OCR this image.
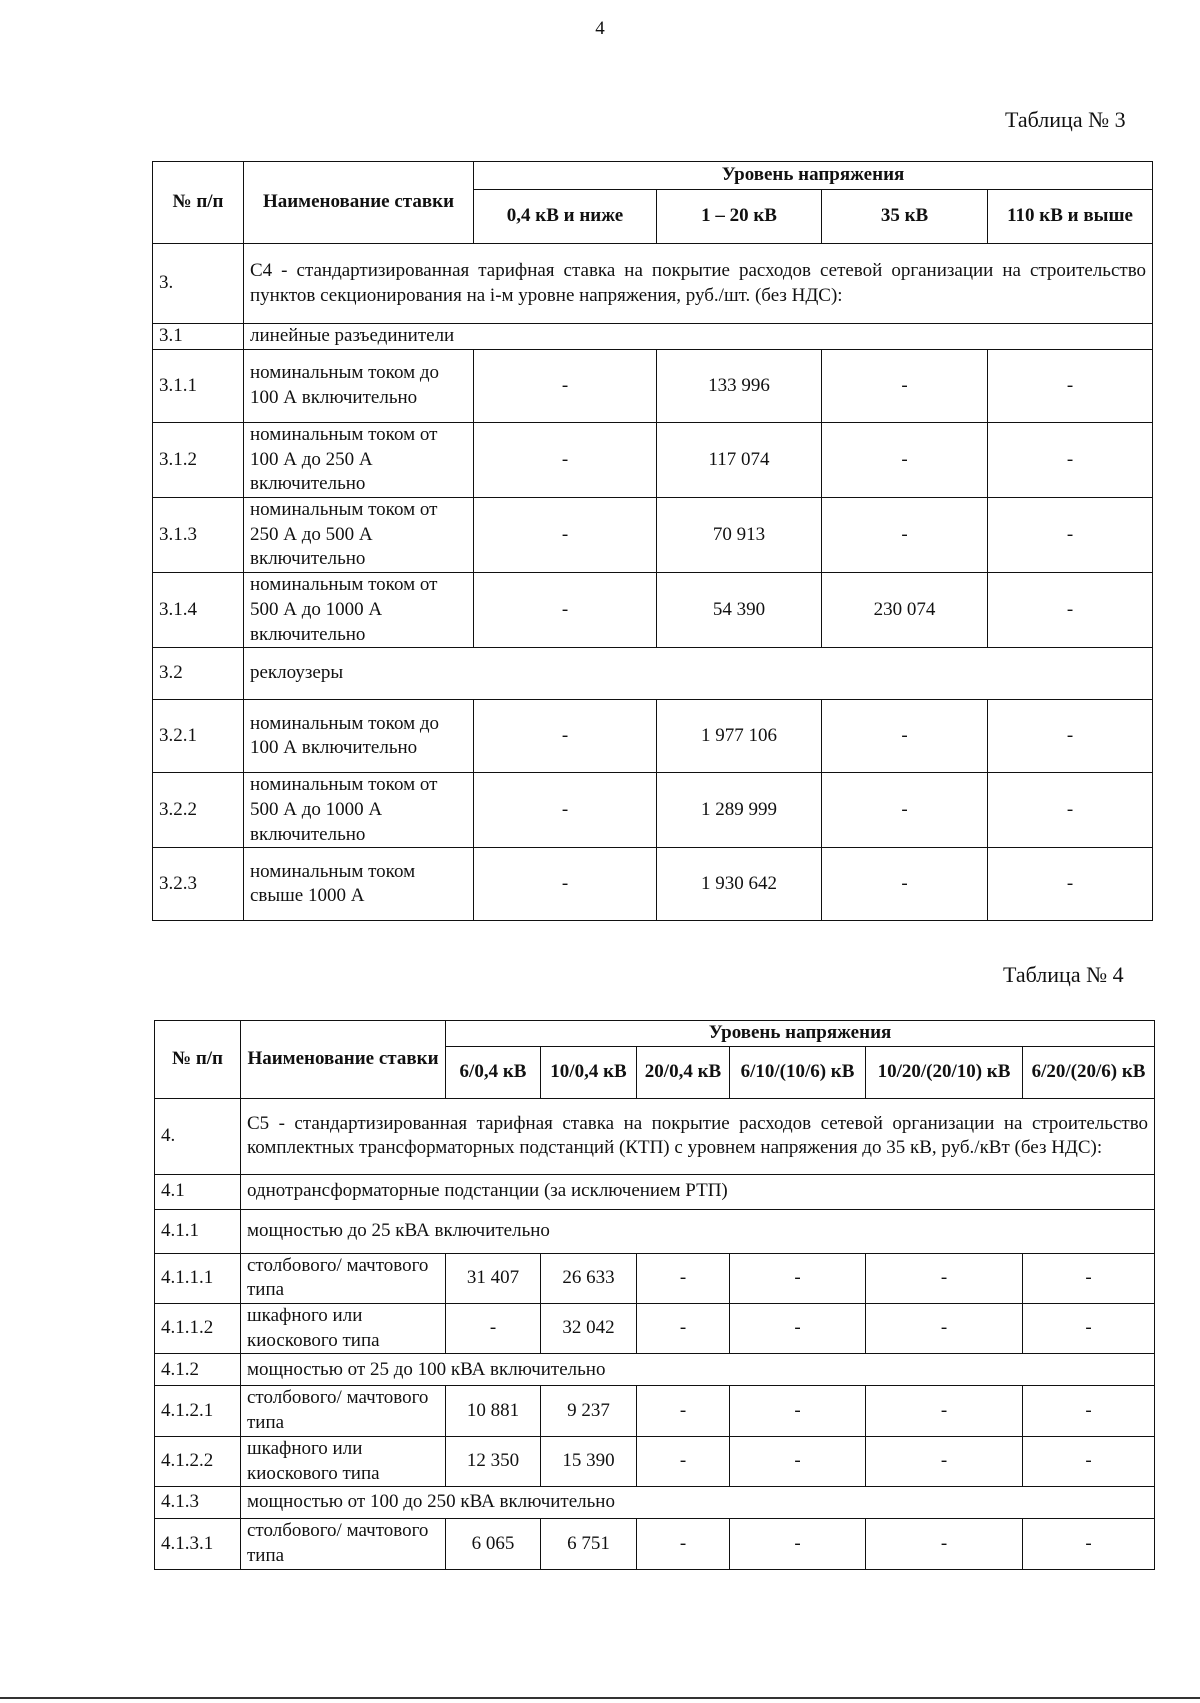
4
Таблица № 3
№ п/п	Наименование ставки	Уровень напряжения			
		0,4 кВ и ниже	1 – 20 кВ	35 кВ	110 кВ и выше
3.	С4 - стандартизированная тарифная ставка на покрытие расходов сетевой организации на строительство пунктов секционирования на i-м уровне напряжения, руб./шт. (без НДС):				
3.1	линейные разъединители				
3.1.1	номинальным током до 100 А включительно	-	133 996	-	-
3.1.2	номинальным током от 100 А до 250 А включительно	-	117 074	-	-
3.1.3	номинальным током от 250 А до 500 А включительно	-	70 913	-	-
3.1.4	номинальным током от 500 А до 1000 А включительно	-	54 390	230 074	-
3.2	реклоузеры				
3.2.1	номинальным током до 100 А включительно	-	1 977 106	-	-
3.2.2	номинальным током от 500 А до 1000 А включительно	-	1 289 999	-	-
3.2.3	номинальным током свыше 1000 А	-	1 930 642	-	-
Таблица № 4
№ п/п	Наименование ставки	Уровень напряжения					
		6/0,4 кВ	10/0,4 кВ	20/0,4 кВ	6/10/(10/6) кВ	10/20/(20/10) кВ	6/20/(20/6) кВ
4.	С5 - стандартизированная тарифная ставка на покрытие расходов сетевой организации на строительство комплектных трансформаторных подстанций (КТП) с уровнем напряжения до 35 кВ, руб./кВт (без НДС):						
4.1	однотрансформаторные подстанции (за исключением РТП)						
4.1.1	мощностью до 25 кВА включительно						
4.1.1.1	столбового/ мачтового типа	31 407	26 633	-	-	-	-
4.1.1.2	шкафного или киоскового типа	-	32 042	-	-	-	-
4.1.2	мощностью от 25 до 100 кВА включительно						
4.1.2.1	столбового/ мачтового типа	10 881	9 237	-	-	-	-
4.1.2.2	шкафного или киоскового типа	12 350	15 390	-	-	-	-
4.1.3	мощностью от 100 до 250 кВА включительно						
4.1.3.1	столбового/ мачтового типа	6 065	6 751	-	-	-	-
